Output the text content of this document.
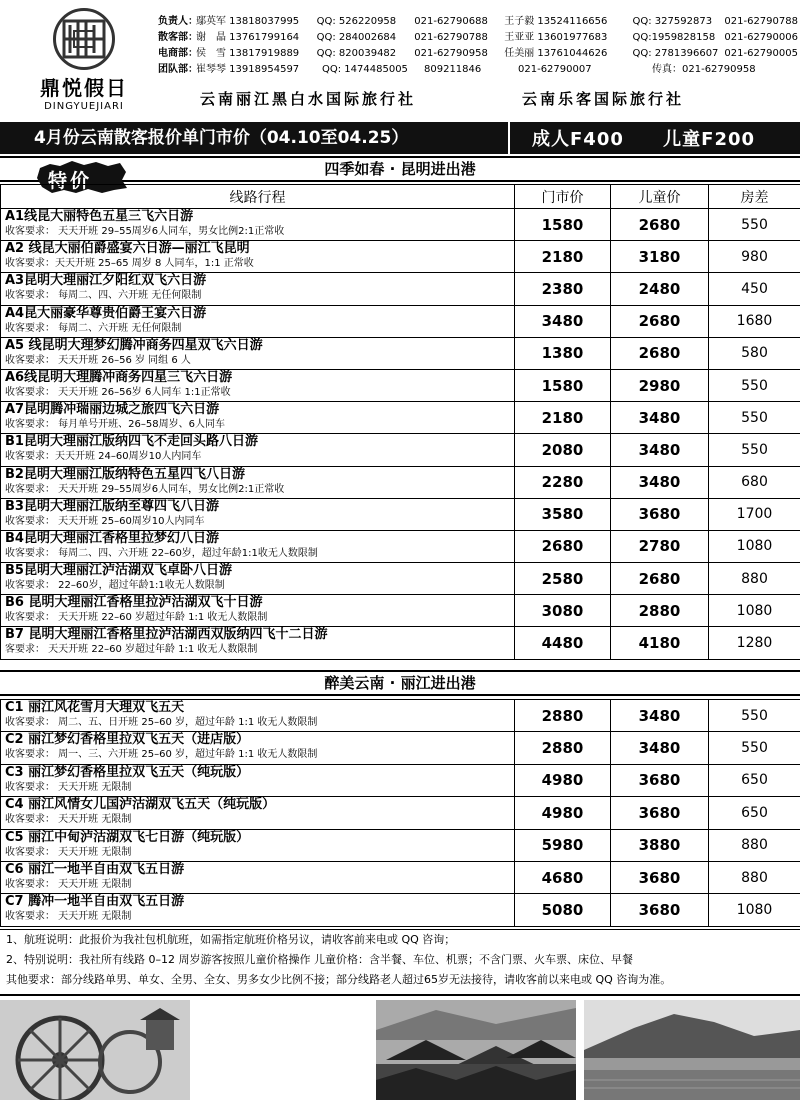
鼎悦假日
DINGYUEJIARI
负责人：
鄢英军 13818037995	QQ: 526220958	021-62790688	王子毅 13524116656	QQ: 327592873	021-62790788
散客部：
谢　晶 13761799164	QQ: 284002684	021-62790788	王亚亚 13601977683	QQ:1959828158 021-62790006
电商部：
侯　雪 13817919889	QQ: 820039482	021-62790958	任美丽 13761044626	QQ: 2781396607 021-62790005
团队部：
崔琴琴 13918954597	QQ: 1474485005	809211846	021-62790007	传真：021-62790958
云南丽江黑白水国际旅行社	云南乐客国际旅行社
4月份云南散客报价单门市价（04.10至04.25）	成人F400 儿童F200
四季如春 · 昆明进出港
特价
线路行程	门市价	儿童价	房差

A1线昆大丽特色五星三飞六日游
收客要求： 天天开班 29–55周岁6人同车，男女比例2:1正常收	1580	2680	550

A2 线昆大丽伯爵盛宴六日游—丽江飞昆明
收客要求：天天开班 25–65 周岁 8 人同车，1:1 正常收	2180	3180	980

A3昆明大理丽江夕阳红双飞六日游
收客要求： 每周二、四、六开班 无任何限制	2380	2480	450

A4昆大丽豪华尊贵伯爵王宴六日游
收客要求： 每周二、六开班 无任何限制	3480	2680	1680

A5 线昆明大理梦幻腾冲商务四星双飞六日游
收客要求： 天天开班 26–56 岁 同组 6 人	1380	2680	580

A6线昆明大理腾冲商务四星三飞六日游
收客要求： 天天开班 26–56岁 6人同车 1:1正常收	1580	2980	550

A7昆明腾冲瑞丽边城之旅四飞六日游
收客要求： 每月单号开班、26–58周岁、6人同车	2180	3480	550

B1昆明大理丽江版纳四飞不走回头路八日游
收客要求：天天开班 24–60周岁10人内同车	2080	3480	550

B2昆明大理丽江版纳特色五星四飞八日游
收客要求： 天天开班 29–55周岁6人同车，男女比例2:1正常收	2280	3480	680

B3昆明大理丽江版纳至尊四飞八日游
收客要求： 天天开班 25–60周岁10人内同车	3580	3680	1700

B4昆明大理丽江香格里拉梦幻八日游
收客要求： 每周二、四、六开班 22–60岁，超过年龄1:1收无人数限制	2680	2780	1080

B5昆明大理丽江泸沽湖双飞卓卧八日游
收客要求： 22–60岁，超过年龄1:1收无人数限制	2580	2680	880

B6 昆明大理丽江香格里拉泸沽湖双飞十日游
收客要求： 天天开班 22–60 岁超过年龄 1:1 收无人数限制	3080	2880	1080

B7 昆明大理丽江香格里拉泸沽湖西双版纳四飞十二日游
客要求： 天天开班 22–60 岁超过年龄 1:1 收无人数限制	4480	4180	1280
醉美云南 · 丽江进出港
C1 丽江风花雪月大理双飞五天
收客要求： 周二、五、日开班 25–60 岁，超过年龄 1:1 收无人数限制	2880	3480	550

C2 丽江梦幻香格里拉双飞五天（进店版）
收客要求： 周一、三、六开班 25–60 岁，超过年龄 1:1 收无人数限制	2880	3480	550

C3 丽江梦幻香格里拉双飞五天（纯玩版）
收客要求： 天天开班 无限制	4980	3680	650

C4 丽江风情女儿国泸沽湖双飞五天（纯玩版）
收客要求： 天天开班 无限制	4980	3680	650

C5 丽江中甸泸沽湖双飞七日游（纯玩版）
收客要求： 天天开班 无限制	5980	3880	880

C6 丽江一地半自由双飞五日游
收客要求： 天天开班 无限制	4680	3680	880

C7 腾冲一地半自由双飞五日游
收客要求： 天天开班 无限制	5080	3680	1080
1、航班说明：此报价为我社包机航班，如需指定航班价格另议，请收客前来电或 QQ 咨询；
2、特别说明：我社所有线路 0–12 周岁游客按照儿童价格操作 儿童价格：含半餐、车位、机票；不含门票、火车票、床位、早餐
其他要求：部分线路单男、单女、全男、全女、男多女少比例不接；部分线路老人超过65岁无法接待，请收客前以来电或 QQ 咨询为准。
